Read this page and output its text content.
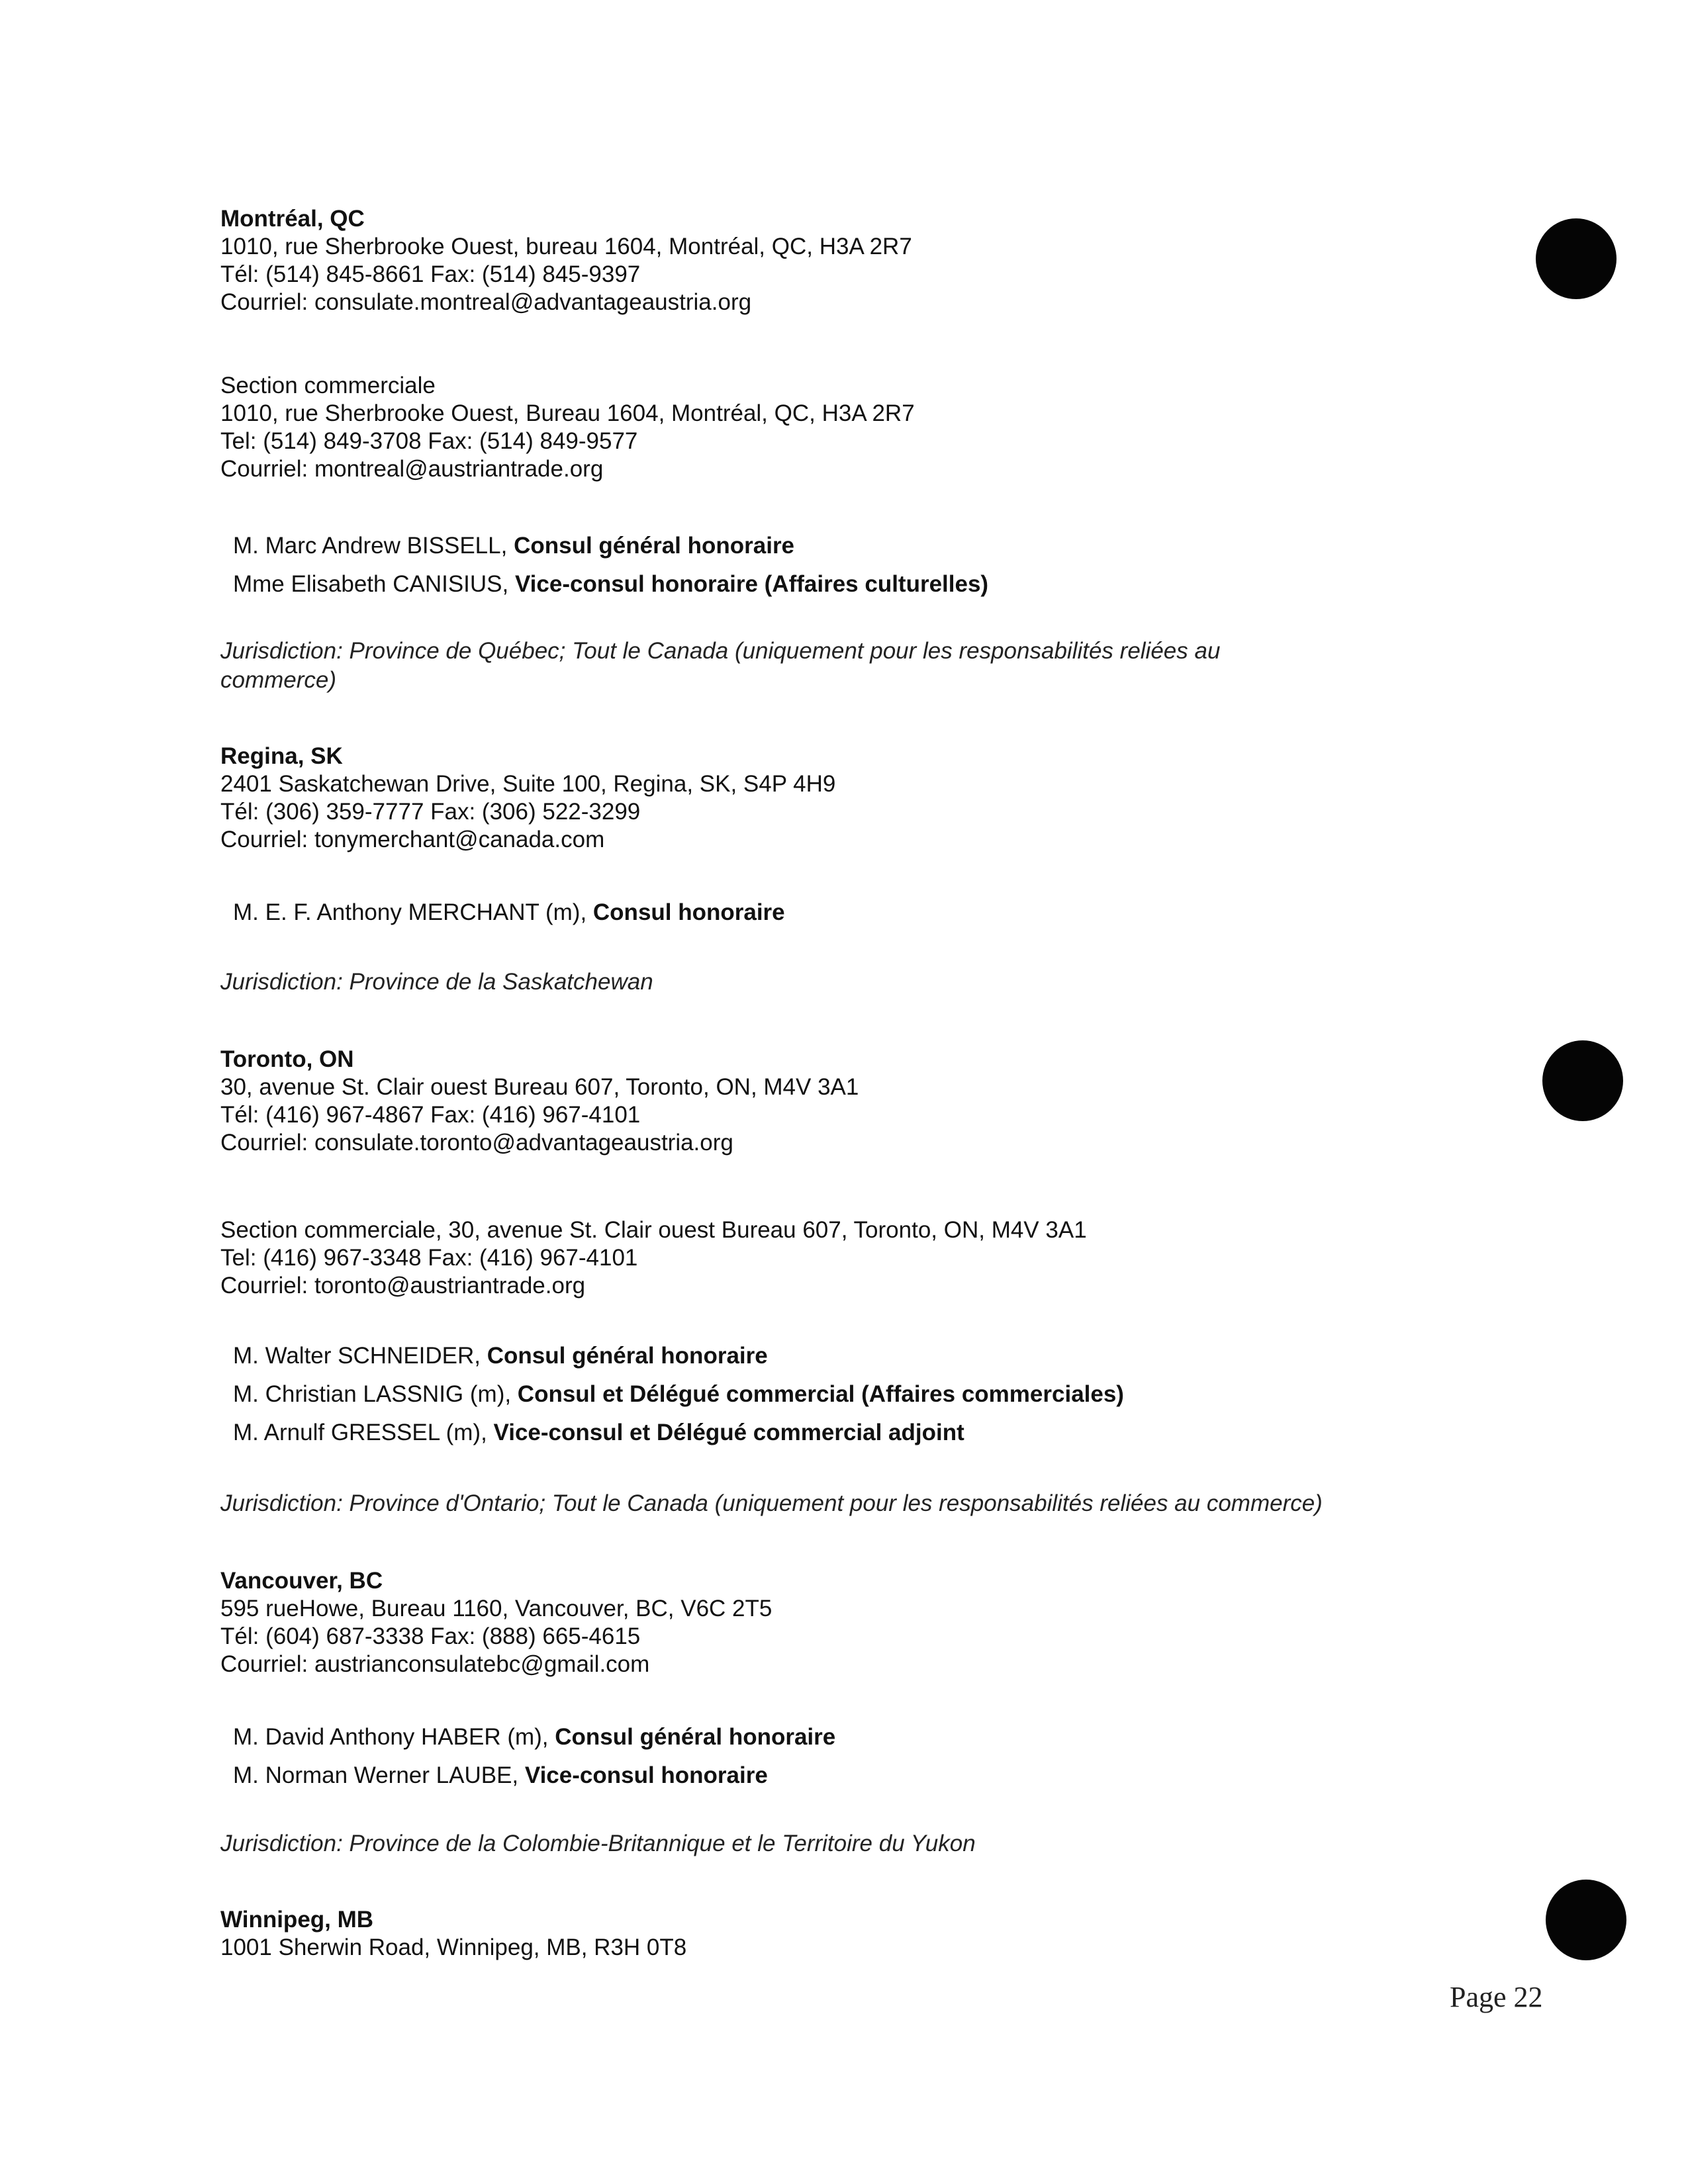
Montréal, QC
1010, rue Sherbrooke Ouest, bureau 1604, Montréal, QC, H3A 2R7
Tél: (514) 845-8661 Fax: (514) 845-9397
Courriel: consulate.montreal@advantageaustria.org
Section commerciale
1010, rue Sherbrooke Ouest, Bureau 1604, Montréal, QC, H3A 2R7
Tel: (514) 849-3708 Fax: (514) 849-9577
Courriel: montreal@austriantrade.org
M. Marc Andrew BISSELL, Consul général honoraire
Mme Elisabeth CANISIUS, Vice-consul honoraire (Affaires culturelles)
Jurisdiction: Province de Québec; Tout le Canada (uniquement pour les responsabilités reliées au commerce)
Regina, SK
2401 Saskatchewan Drive, Suite 100, Regina, SK, S4P 4H9
Tél: (306) 359-7777 Fax: (306) 522-3299
Courriel: tonymerchant@canada.com
M. E. F. Anthony MERCHANT (m), Consul honoraire
Jurisdiction: Province de la Saskatchewan
Toronto, ON
30, avenue St. Clair ouest Bureau 607, Toronto, ON, M4V 3A1
Tél: (416) 967-4867 Fax: (416) 967-4101
Courriel: consulate.toronto@advantageaustria.org
Section commerciale, 30, avenue St. Clair ouest Bureau 607, Toronto, ON, M4V 3A1
Tel: (416) 967-3348 Fax: (416) 967-4101
Courriel: toronto@austriantrade.org
M. Walter SCHNEIDER, Consul général honoraire
M. Christian LASSNIG (m), Consul et Délégué commercial (Affaires commerciales)
M. Arnulf GRESSEL (m), Vice-consul et Délégué commercial adjoint
Jurisdiction: Province d'Ontario; Tout le Canada (uniquement pour les responsabilités reliées au commerce)
Vancouver, BC
595 rueHowe, Bureau 1160, Vancouver, BC, V6C 2T5
Tél: (604) 687-3338 Fax: (888) 665-4615
Courriel: austrianconsulatebc@gmail.com
M. David Anthony HABER (m), Consul général honoraire
M. Norman Werner LAUBE, Vice-consul honoraire
Jurisdiction: Province de la Colombie-Britannique et le Territoire du Yukon
Winnipeg, MB
1001 Sherwin Road, Winnipeg, MB, R3H 0T8
Page 22
